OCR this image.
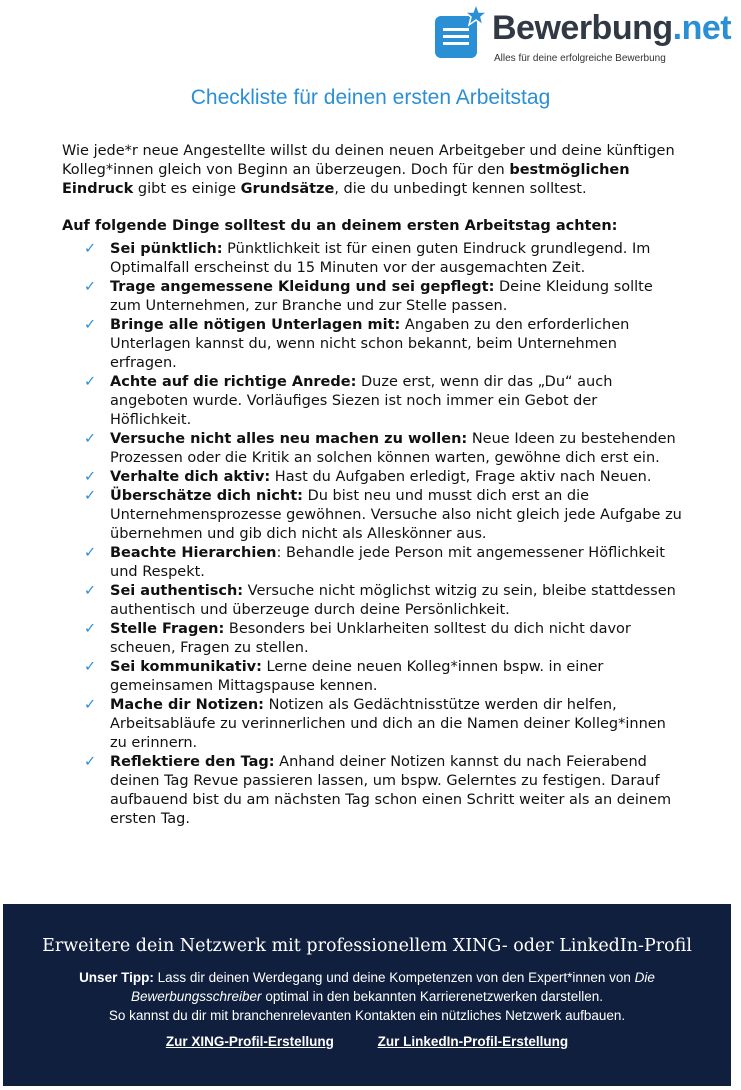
Bewerbung.net
Alles für deine erfolgreiche Bewerbung
Checkliste für deinen ersten Arbeitstag

Wie jede*r neue Angestellte willst du deinen neuen Arbeitgeber und deine künftigen Kolleg*innen gleich von Beginn an überzeugen. Doch für den bestmöglichen Eindruck gibt es einige Grundsätze, die du unbedingt kennen solltest.

Auf folgende Dinge solltest du an deinem ersten Arbeitstag achten:

✓ Sei pünktlich: Pünktlichkeit ist für einen guten Eindruck grundlegend. Im Optimalfall erscheinst du 15 Minuten vor der ausgemachten Zeit.
✓ Trage angemessene Kleidung und sei gepflegt: Deine Kleidung sollte zum Unternehmen, zur Branche und zur Stelle passen.
✓ Bringe alle nötigen Unterlagen mit: Angaben zu den erforderlichen Unterlagen kannst du, wenn nicht schon bekannt, beim Unternehmen erfragen.
✓ Achte auf die richtige Anrede: Duze erst, wenn dir das „Du“ auch angeboten wurde. Vorläufiges Siezen ist noch immer ein Gebot der Höflichkeit.
✓ Versuche nicht alles neu machen zu wollen: Neue Ideen zu bestehenden Prozessen oder die Kritik an solchen können warten, gewöhne dich erst ein.
✓ Verhalte dich aktiv: Hast du Aufgaben erledigt, Frage aktiv nach Neuen.
✓ Überschätze dich nicht: Du bist neu und musst dich erst an die Unternehmensprozesse gewöhnen. Versuche also nicht gleich jede Aufgabe zu übernehmen und gib dich nicht als Alleskönner aus.
✓ Beachte Hierarchien: Behandle jede Person mit angemessener Höflichkeit und Respekt.
✓ Sei authentisch: Versuche nicht möglichst witzig zu sein, bleibe stattdessen authentisch und überzeuge durch deine Persönlichkeit.
✓ Stelle Fragen: Besonders bei Unklarheiten solltest du dich nicht davor scheuen, Fragen zu stellen.
✓ Sei kommunikativ: Lerne deine neuen Kolleg*innen bspw. in einer gemeinsamen Mittagspause kennen.
✓ Mache dir Notizen: Notizen als Gedächtnisstütze werden dir helfen, Arbeitsabläufe zu verinnerlichen und dich an die Namen deiner Kolleg*innen zu erinnern.
✓ Reflektiere den Tag: Anhand deiner Notizen kannst du nach Feierabend deinen Tag Revue passieren lassen, um bspw. Gelerntes zu festigen. Darauf aufbauend bist du am nächsten Tag schon einen Schritt weiter als an deinem ersten Tag.
Erweitere dein Netzwerk mit professionellem XING- oder LinkedIn-Profil
Unser Tipp: Lass dir deinen Werdegang und deine Kompetenzen von den Expert*innen von Die Bewerbungsschreiber optimal in den bekannten Karrierenetzwerken darstellen.
So kannst du dir mit branchenrelevanten Kontakten ein nützliches Netzwerk aufbauen.
Zur XING-Profil-Erstellung	Zur LinkedIn-Profil-Erstellung
